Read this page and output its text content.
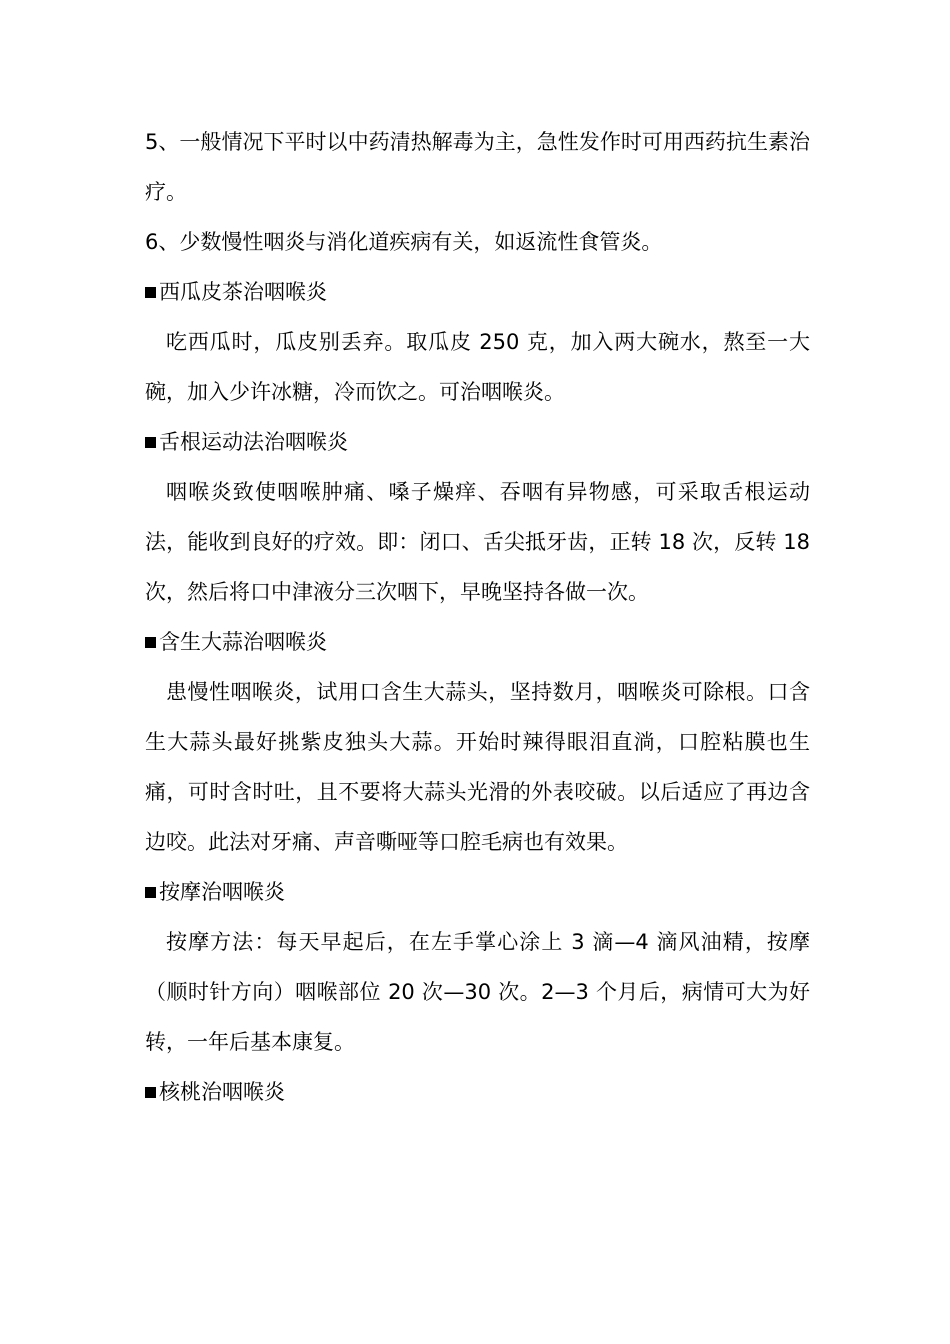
5、一般情况下平时以中药清热解毒为主，急性发作时可用西药抗生素治疗。

6、少数慢性咽炎与消化道疾病有关，如返流性食管炎。

西瓜皮茶治咽喉炎

吃西瓜时，瓜皮别丢弃。取瓜皮 250 克，加入两大碗水，熬至一大碗，加入少许冰糖，冷而饮之。可治咽喉炎。

舌根运动法治咽喉炎

咽喉炎致使咽喉肿痛、嗓子燥痒、吞咽有异物感，可采取舌根运动法，能收到良好的疗效。即：闭口、舌尖抵牙齿，正转 18 次，反转 18 次，然后将口中津液分三次咽下，早晚坚持各做一次。

含生大蒜治咽喉炎

患慢性咽喉炎，试用口含生大蒜头，坚持数月，咽喉炎可除根。口含生大蒜头最好挑紫皮独头大蒜。开始时辣得眼泪直淌，口腔粘膜也生痛，可时含时吐，且不要将大蒜头光滑的外表咬破。以后适应了再边含边咬。此法对牙痛、声音嘶哑等口腔毛病也有效果。

按摩治咽喉炎

按摩方法：每天早起后，在左手掌心涂上 3 滴—4 滴风油精，按摩（顺时针方向）咽喉部位 20 次—30 次。2—3 个月后，病情可大为好转，一年后基本康复。

核桃治咽喉炎
